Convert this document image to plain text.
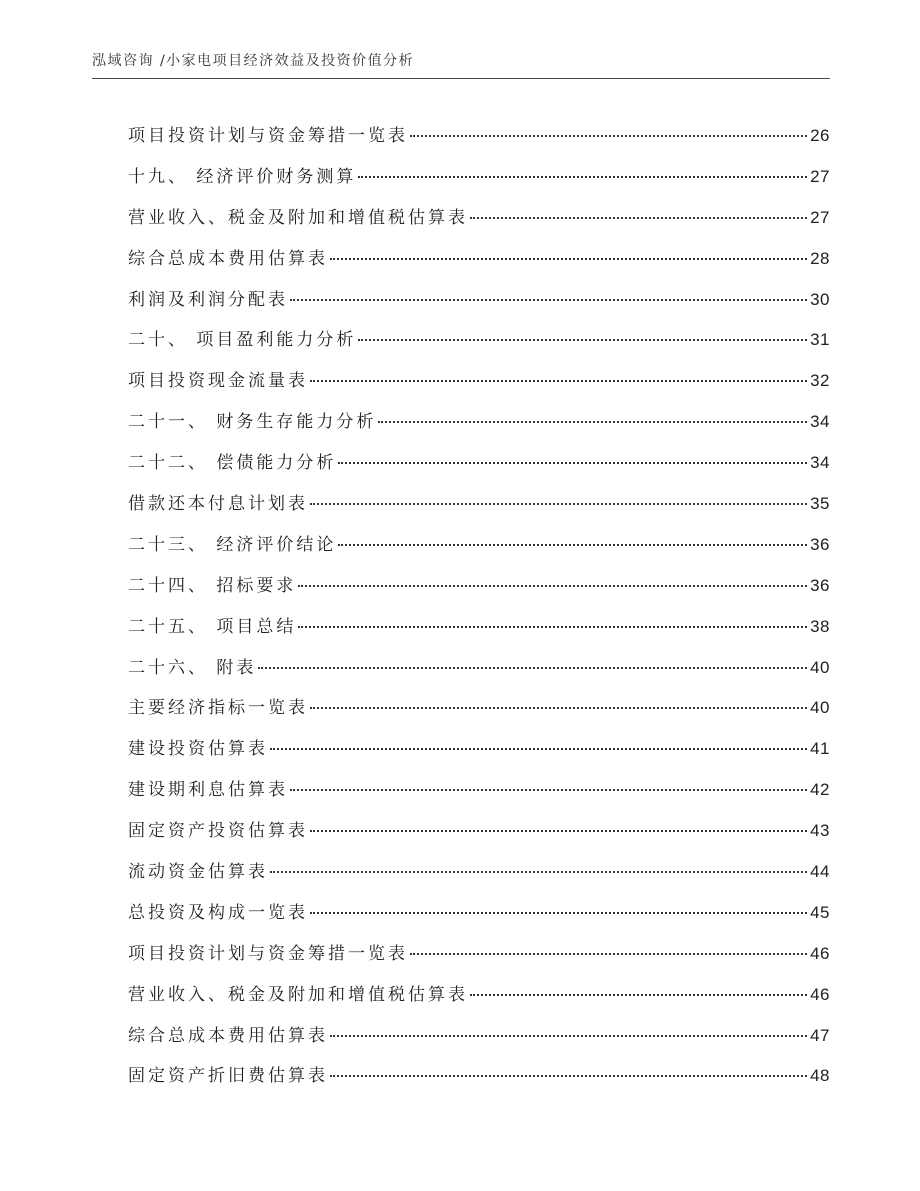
泓域咨询 /小家电项目经济效益及投资价值分析
项目投资计划与资金筹措一览表	26
十九、 经济评价财务测算	27
营业收入、税金及附加和增值税估算表	27
综合总成本费用估算表	28
利润及利润分配表	30
二十、 项目盈利能力分析	31
项目投资现金流量表	32
二十一、 财务生存能力分析	34
二十二、 偿债能力分析	34
借款还本付息计划表	35
二十三、 经济评价结论	36
二十四、 招标要求	36
二十五、 项目总结	38
二十六、 附表	40
主要经济指标一览表	40
建设投资估算表	41
建设期利息估算表	42
固定资产投资估算表	43
流动资金估算表	44
总投资及构成一览表	45
项目投资计划与资金筹措一览表	46
营业收入、税金及附加和增值税估算表	46
综合总成本费用估算表	47
固定资产折旧费估算表	48
